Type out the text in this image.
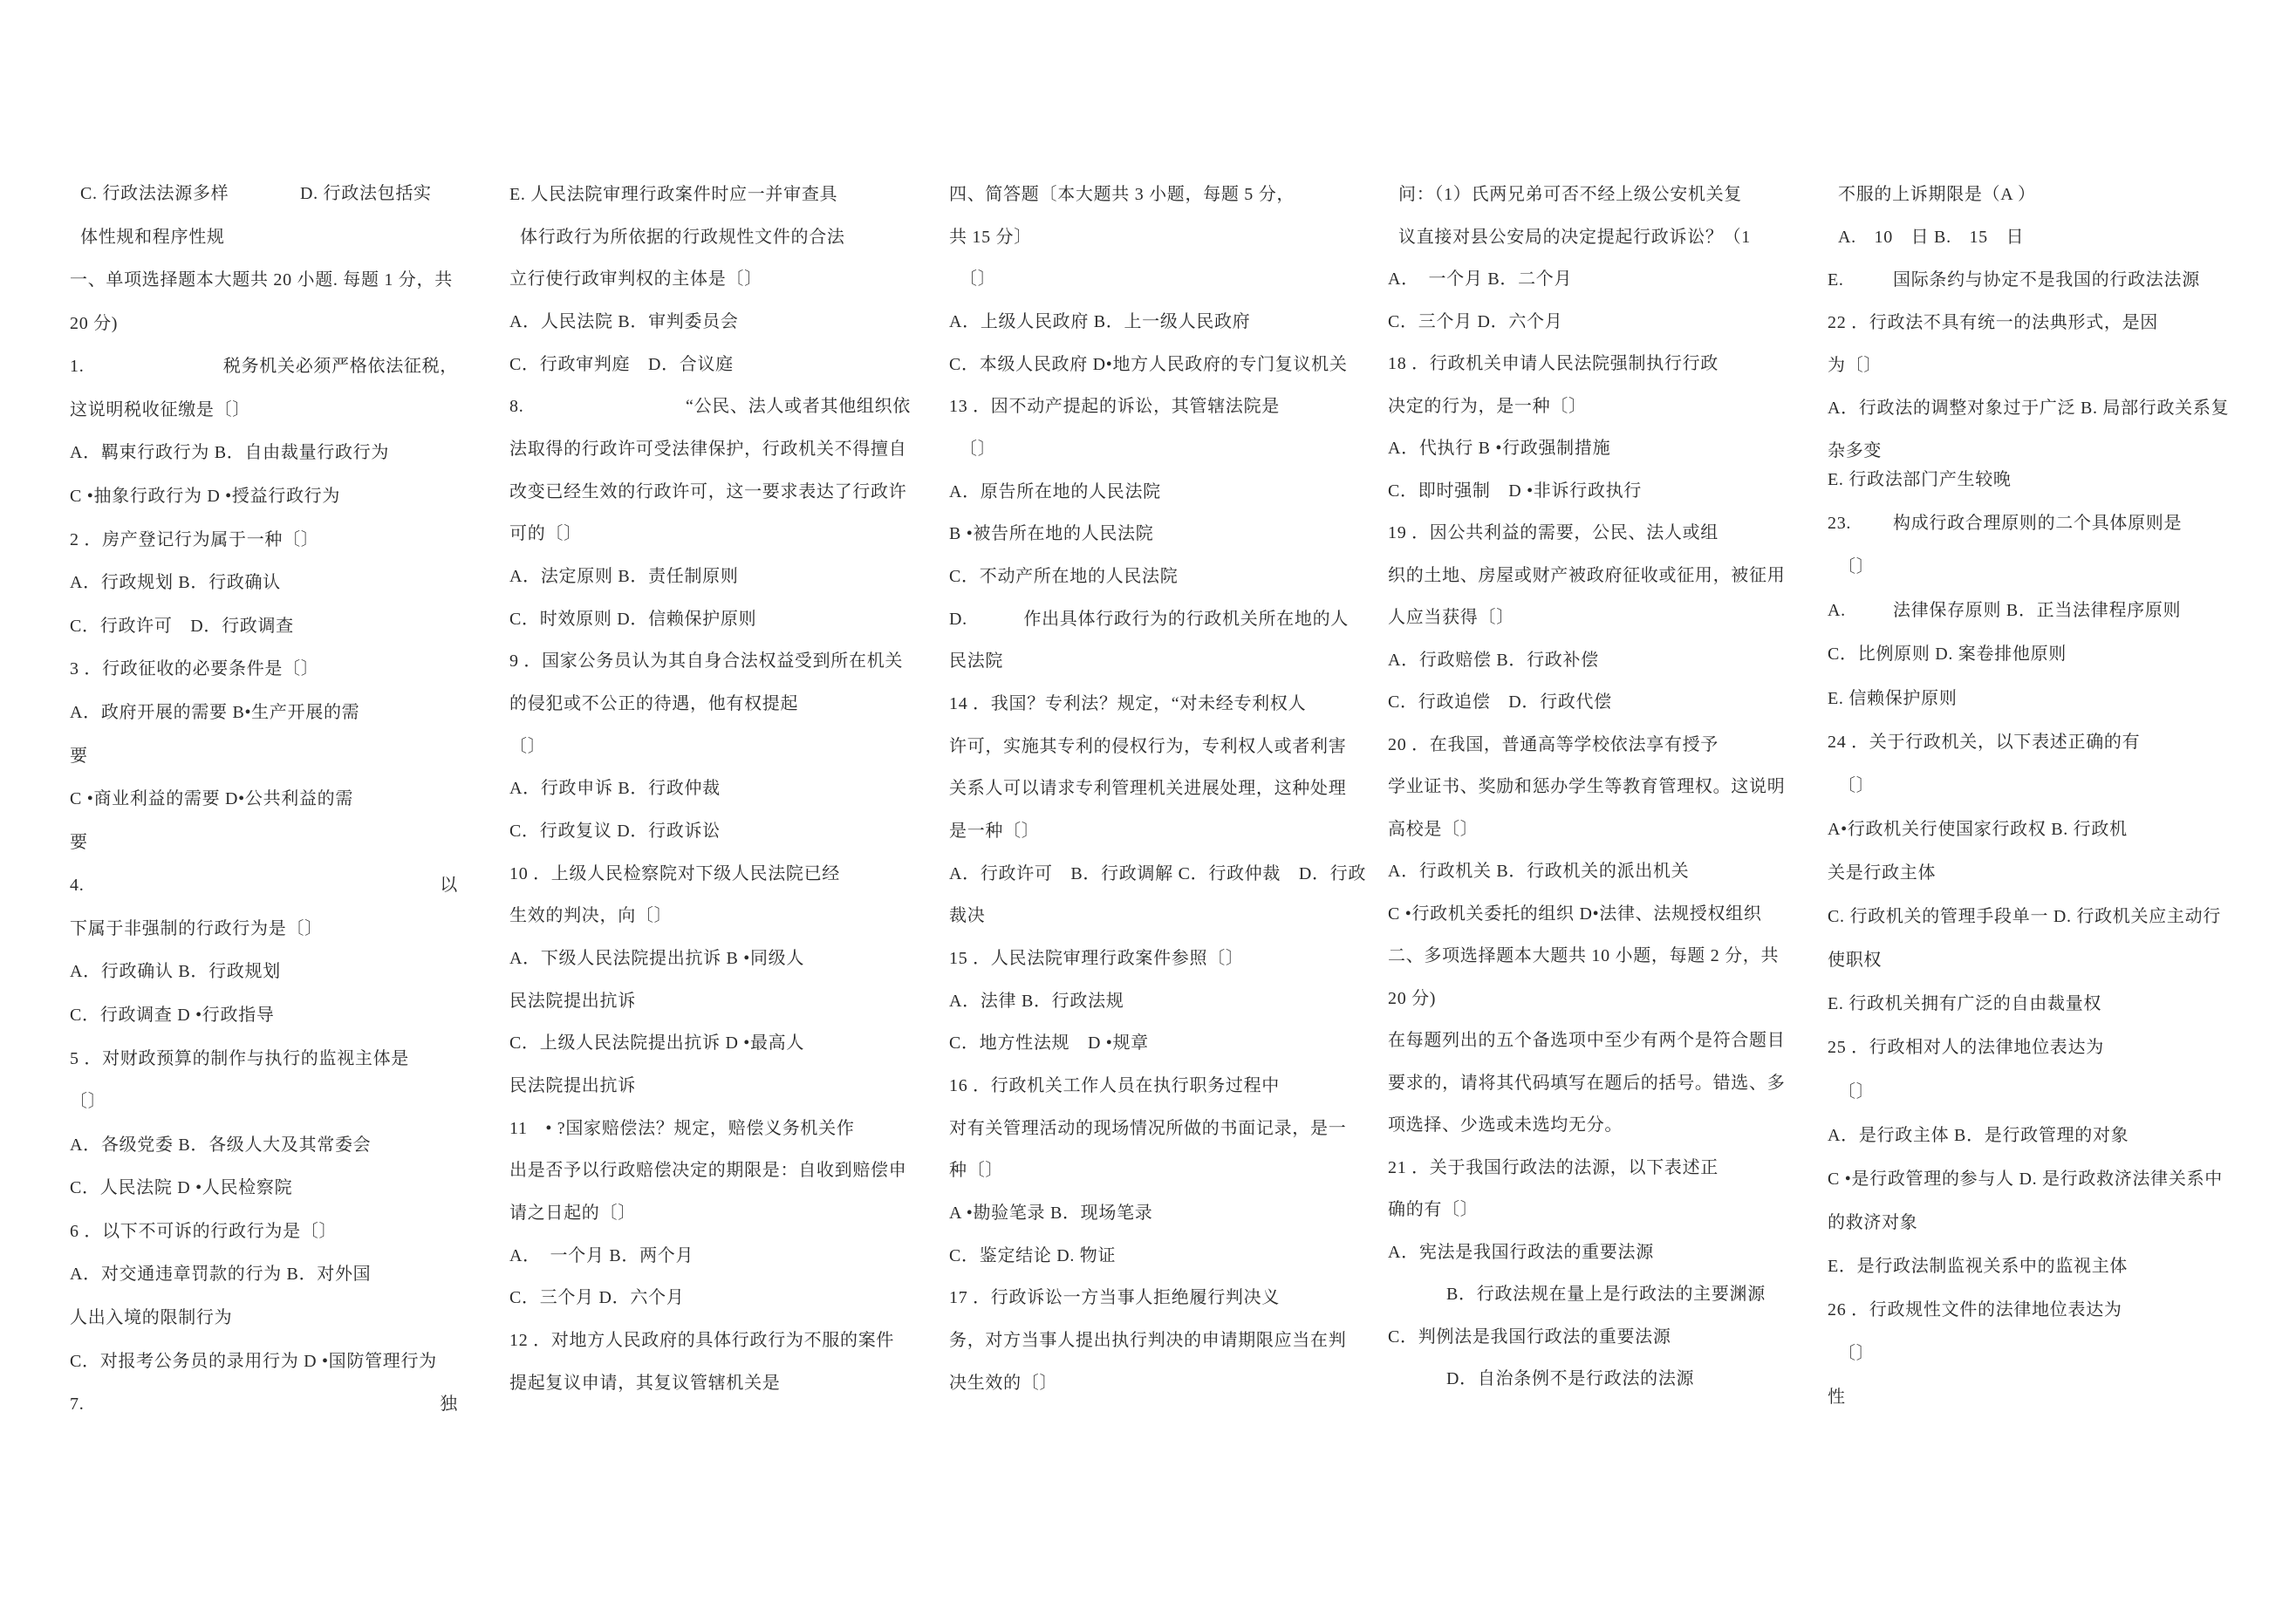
C. 行政法法源多样	D. 行政法包括实
体性规和程序性规
一、单项选择题本大题共 20 小题. 每题 1 分，共
20 分)
1.	税务机关必须严格依法征税，
这说明税收征缴是〔〕
A．羁束行政行为 B．自由裁量行政行为
C •抽象行政行为 D •授益行政行为
2 ．房产登记行为属于一种〔〕
A．行政规划 B．行政确认
C．行政许可　D．行政调查
3 ．行政征收的必要条件是〔〕
A．政府开展的需要 B•生产开展的需
要
C •商业利益的需要 D•公共利益的需
要
4.	以
下属于非强制的行政行为是〔〕
A．行政确认 B．行政规划
C．行政调查 D •行政指导
5 ．对财政预算的制作与执行的监视主体是
〔〕
A．各级党委 B．各级人大及其常委会
C．人民法院 D •人民检察院
6 ．以下不可诉的行政行为是〔〕
A．对交通违章罚款的行为 B．对外国
人出入境的限制行为
C．对报考公务员的录用行为 D •国防管理行为
7.	独
E. 人民法院审理行政案件时应一并审查具
体行政行为所依据的行政规性文件的合法
立行使行政审判权的主体是〔〕
A．人民法院 B．审判委员会
C．行政审判庭　D．合议庭
8.	“公民、法人或者其他组织依
法取得的行政许可受法律保护，行政机关不得擅自
改变已经生效的行政许可，这一要求表达了行政许
可的〔〕
A．法定原则 B．责任制原则
C．时效原则 D．信赖保护原则
9 ．国家公务员认为其自身合法权益受到所在机关
的侵犯或不公正的待遇，他有权提起
〔〕
A．行政申诉 B．行政仲裁
C．行政复议 D．行政诉讼
10 ．上级人民检察院对下级人民法院已经
生效的判决，向〔〕
A．下级人民法院提出抗诉 B •同级人
民法院提出抗诉
C．上级人民法院提出抗诉 D •最高人
民法院提出抗诉
11　• ?国家赔偿法？规定，赔偿义务机关作
出是否予以行政赔偿决定的期限是：自收到赔偿申
请之日起的〔〕
A．　一个月 B．两个月
C．三个月 D．六个月
12 ．对地方人民政府的具体行政行为不服的案件
提起复议申请，其复议管辖机关是
四、简答题〔本大题共 3 小题，每题 5 分，
共 15 分〕
〔〕
A．上级人民政府 B．上一级人民政府
C．本级人民政府 D•地方人民政府的专门复议机关
13 ．因不动产提起的诉讼，其管辖法院是
〔〕
A．原告所在地的人民法院
B •被告所在地的人民法院
C．不动产所在地的人民法院
D.	作出具体行政行为的行政机关所在地的人
民法院
14 ．我国？专利法？规定，“对未经专利权人
许可，实施其专利的侵权行为，专利权人或者利害
关系人可以请求专利管理机关进展处理，这种处理
是一种〔〕
A．行政许可　B．行政调解 C．行政仲裁　D．行政
裁决
15 ．人民法院审理行政案件参照〔〕
A．法律 B．行政法规
C．地方性法规　D •规章
16 ．行政机关工作人员在执行职务过程中
对有关管理活动的现场情况所做的书面记录，是一
种〔〕
A •勘验笔录 B．现场笔录
C．鉴定结论 D. 物证
17 ．行政诉讼一方当事人拒绝履行判决义
务，对方当事人提出执行判决的申请期限应当在判
决生效的〔〕
问：（1）氏两兄弟可否不经上级公安机关复
议直接对县公安局的决定提起行政诉讼？（1
A．　一个月 B．二个月
C．三个月 D．六个月
18 ．行政机关申请人民法院强制执行行政
决定的行为，是一种〔〕
A．代执行 B •行政强制措施
C．即时强制　D •非诉行政执行
19 ．因公共利益的需要，公民、法人或组
织的土地、房屋或财产被政府征收或征用，被征用
人应当获得〔〕
A．行政赔偿 B．行政补偿
C．行政追偿　D．行政代偿
20 ．在我国，普通高等学校依法享有授予
学业证书、奖励和惩办学生等教育管理权。这说明
高校是〔〕
A．行政机关 B．行政机关的派出机关
C •行政机关委托的组织 D•法律、法规授权组织
二、多项选择题本大题共 10 小题，每题 2 分，共
20 分)
在每题列出的五个备选项中至少有两个是符合题目
要求的，请将其代码填写在题后的括号。错选、多
项选择、少选或未选均无分。
21 ．关于我国行政法的法源，以下表述正
确的有〔〕
A．宪法是我国行政法的重要法源
B．行政法规在量上是行政法的主要渊源
C．判例法是我国行政法的重要法源
D．自治条例不是行政法的法源
不服的上诉期限是（A ）
A.　10　日 B.　15　日
E.	国际条约与协定不是我国的行政法法源
22 ．行政法不具有统一的法典形式，是因
为〔〕
A．行政法的调整对象过于广泛 B. 局部行政关系复
杂多变
E. 行政法部门产生较晚
23. 构成行政合理原则的二个具体原则是
〔〕
A.	法律保存原则 B．正当法律程序原则
C．比例原则 D. 案卷排他原则
E. 信赖保护原则
24 ．关于行政机关，以下表述正确的有
〔〕
A•行政机关行使国家行政权 B. 行政机
关是行政主体
C. 行政机关的管理手段单一 D. 行政机关应主动行
使职权
E. 行政机关拥有广泛的自由裁量权
25 ．行政相对人的法律地位表达为
〔〕
A．是行政主体 B．是行政管理的对象
C •是行政管理的参与人 D. 是行政救济法律关系中
的救济对象
E．是行政法制监视关系中的监视主体
26 ．行政规性文件的法律地位表达为
〔〕
性
